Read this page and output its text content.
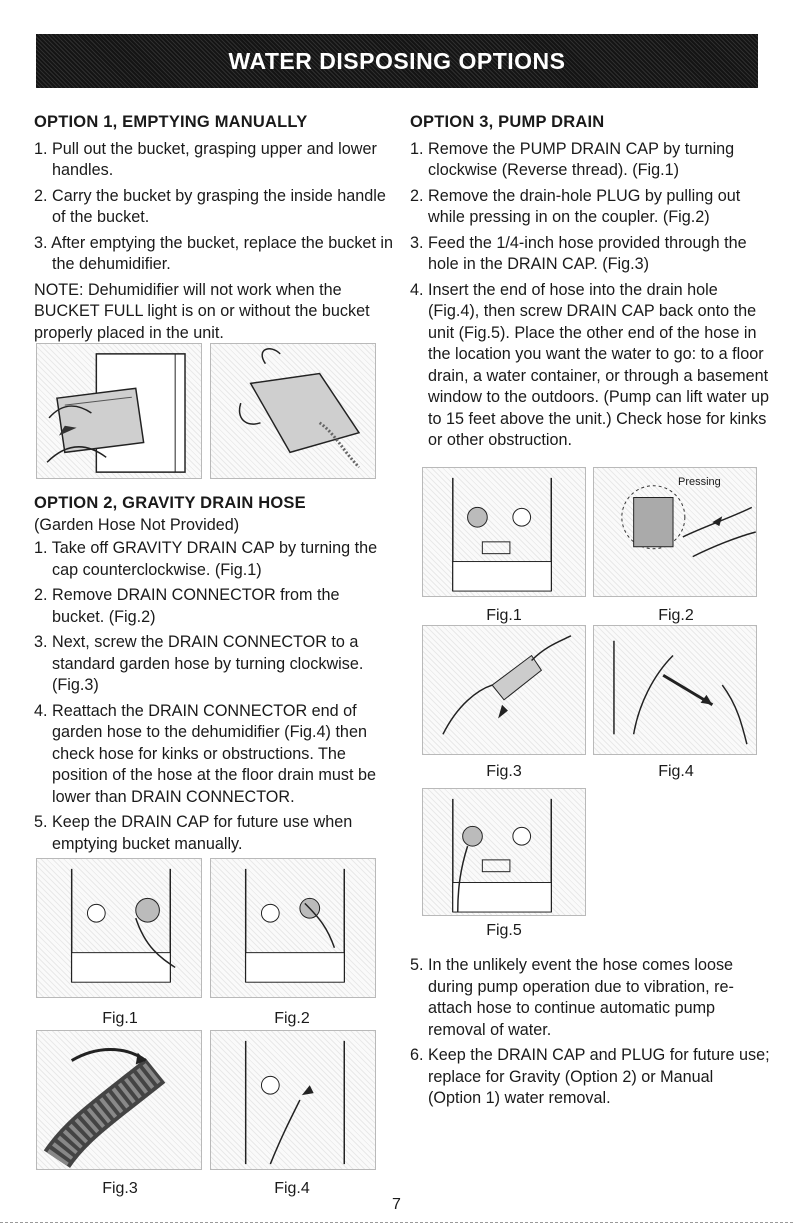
WATER DISPOSING OPTIONS
OPTION 1, EMPTYING MANUALLY
1. Pull out the bucket, grasping upper and lower handles.
2. Carry the bucket by grasping the inside handle of the bucket.
3. After emptying the bucket, replace the bucket in the dehumidifier.
NOTE: Dehumidifier will not work when the BUCKET FULL light is on or without the bucket properly placed in the unit.
OPTION 2, GRAVITY DRAIN HOSE
(Garden Hose Not Provided)
1. Take off GRAVITY DRAIN CAP by turning the cap counterclockwise. (Fig.1)
2. Remove DRAIN CONNECTOR from the bucket. (Fig.2)
3. Next, screw the DRAIN CONNECTOR to a standard garden hose by turning clockwise. (Fig.3)
4. Reattach the DRAIN CONNECTOR end of garden hose to the dehumidifier (Fig.4) then check hose for kinks or obstructions. The position of the hose at the floor drain must be lower than DRAIN CONNECTOR.
5. Keep the DRAIN CAP for future use when emptying bucket manually.
Fig.1	Fig.2
Fig.3	Fig.4
OPTION 3, PUMP DRAIN
1. Remove the PUMP DRAIN CAP by turning clockwise (Reverse thread). (Fig.1)
2. Remove the drain-hole PLUG by pulling out while pressing in on the coupler. (Fig.2)
3. Feed the 1/4-inch hose provided through the hole in the DRAIN CAP. (Fig.3)
4. Insert the end of hose into the drain hole (Fig.4), then screw DRAIN CAP back onto the unit (Fig.5). Place the other end of the hose in the location you want the water to go: to a floor drain, a water container, or through a basement window to the outdoors. (Pump can lift water up to 15 feet above the unit.) Check hose for kinks or other obstruction.
Pressing
Fig.1	Fig.2
Fig.3	Fig.4
Fig.5
5. In the unlikely event the hose comes loose during pump operation due to vibration, re-attach hose to continue automatic pump removal of water.
6. Keep the DRAIN CAP and PLUG for future use; replace for Gravity (Option 2) or Manual (Option 1) water removal.
7
